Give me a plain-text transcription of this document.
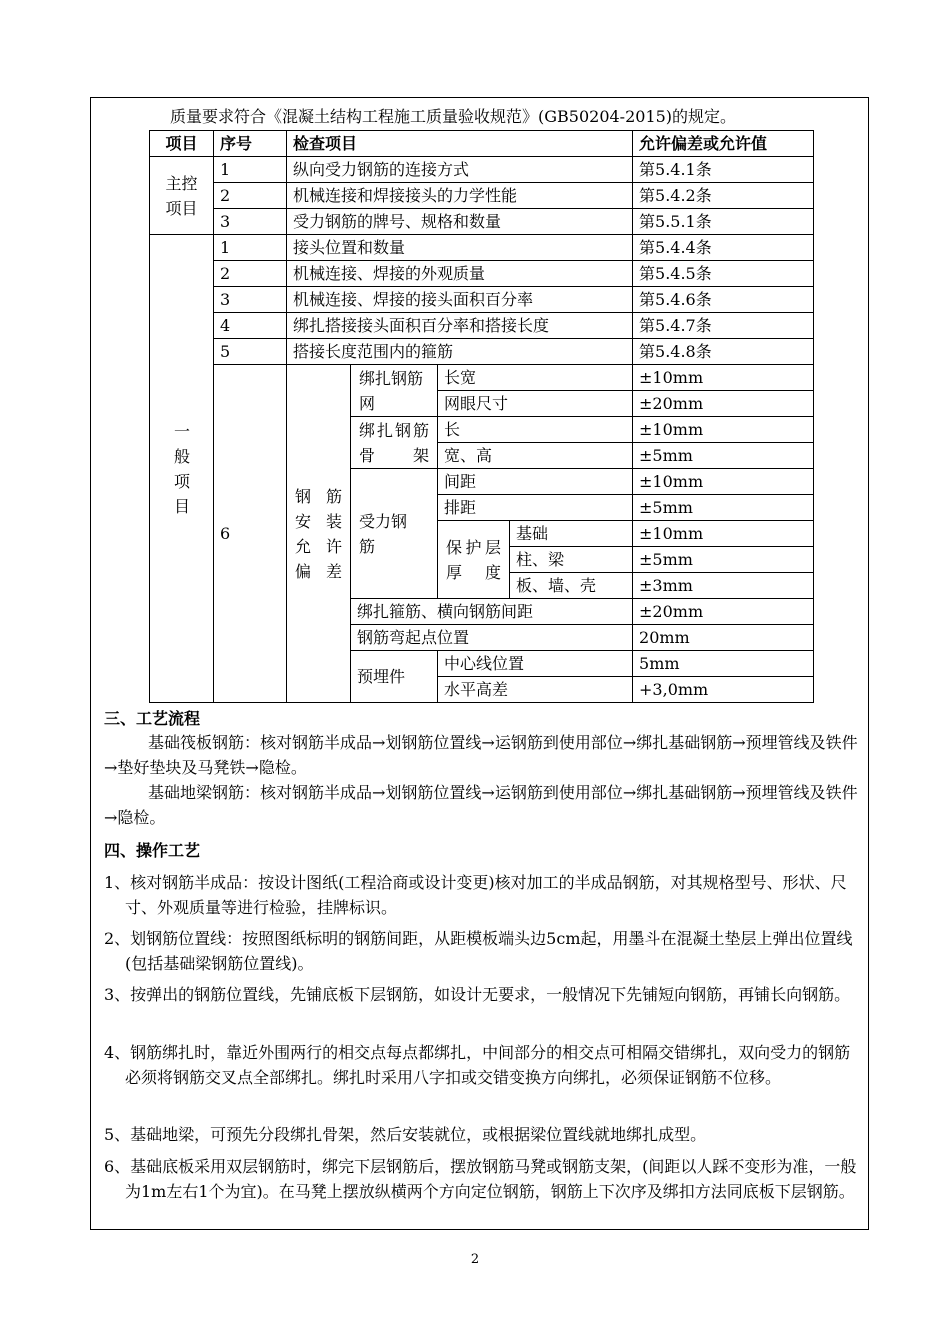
质量要求符合《混凝土结构工程施工质量验收规范》(GB50204-2015)的规定。
项目	序号	检查项目				允许偏差或允许值
主控项目	1	纵向受力钢筋的连接方式				第5.4.1条
	2	机械连接和焊接接头的力学性能				第5.4.2条
	3	受力钢筋的牌号、规格和数量				第5.5.1条
一般项目	1	接头位置和数量				第5.4.4条
	2	机械连接、焊接的外观质量				第5.4.5条
	3	机械连接、焊接的接头面积百分率				第5.4.6条
	4	绑扎搭接接头面积百分率和搭接长度				第5.4.7条
	5	搭接长度范围内的箍筋				第5.4.8条
	6	钢筋安装允许偏差	绑扎钢筋网	长宽		±10mm
				网眼尺寸		±20mm
			绑扎钢筋骨架	长		±10mm
				宽、高		±5mm
			受力钢筋	间距		±10mm
				排距		±5mm
				保护层厚度	基础	±10mm
					柱、梁	±5mm
					板、墙、壳	±3mm
			绑扎箍筋、横向钢筋间距			±20mm
			钢筋弯起点位置			20mm
			预埋件	中心线位置		5mm
				水平高差		+3,0mm
三、工艺流程
基础筏板钢筋：核对钢筋半成品→划钢筋位置线→运钢筋到使用部位→绑扎基础钢筋→预埋管线及铁件→垫好垫块及马凳铁→隐检。
基础地梁钢筋：核对钢筋半成品→划钢筋位置线→运钢筋到使用部位→绑扎基础钢筋→预埋管线及铁件→隐检。
四、操作工艺
1、核对钢筋半成品：按设计图纸(工程洽商或设计变更)核对加工的半成品钢筋，对其规格型号、形状、尺寸、外观质量等进行检验，挂牌标识。
2、划钢筋位置线：按照图纸标明的钢筋间距，从距模板端头边5cm起，用墨斗在混凝土垫层上弹出位置线(包括基础梁钢筋位置线)。
3、按弹出的钢筋位置线，先铺底板下层钢筋，如设计无要求，一般情况下先铺短向钢筋，再铺长向钢筋。
4、钢筋绑扎时，靠近外围两行的相交点每点都绑扎，中间部分的相交点可相隔交错绑扎，双向受力的钢筋必须将钢筋交叉点全部绑扎。绑扎时采用八字扣或交错变换方向绑扎，必须保证钢筋不位移。
5、基础地梁，可预先分段绑扎骨架，然后安装就位，或根据梁位置线就地绑扎成型。
6、基础底板采用双层钢筋时，绑完下层钢筋后，摆放钢筋马凳或钢筋支架，(间距以人踩不变形为准，一般为1m左右1个为宜)。在马凳上摆放纵横两个方向定位钢筋，钢筋上下次序及绑扣方法同底板下层钢筋。
2
